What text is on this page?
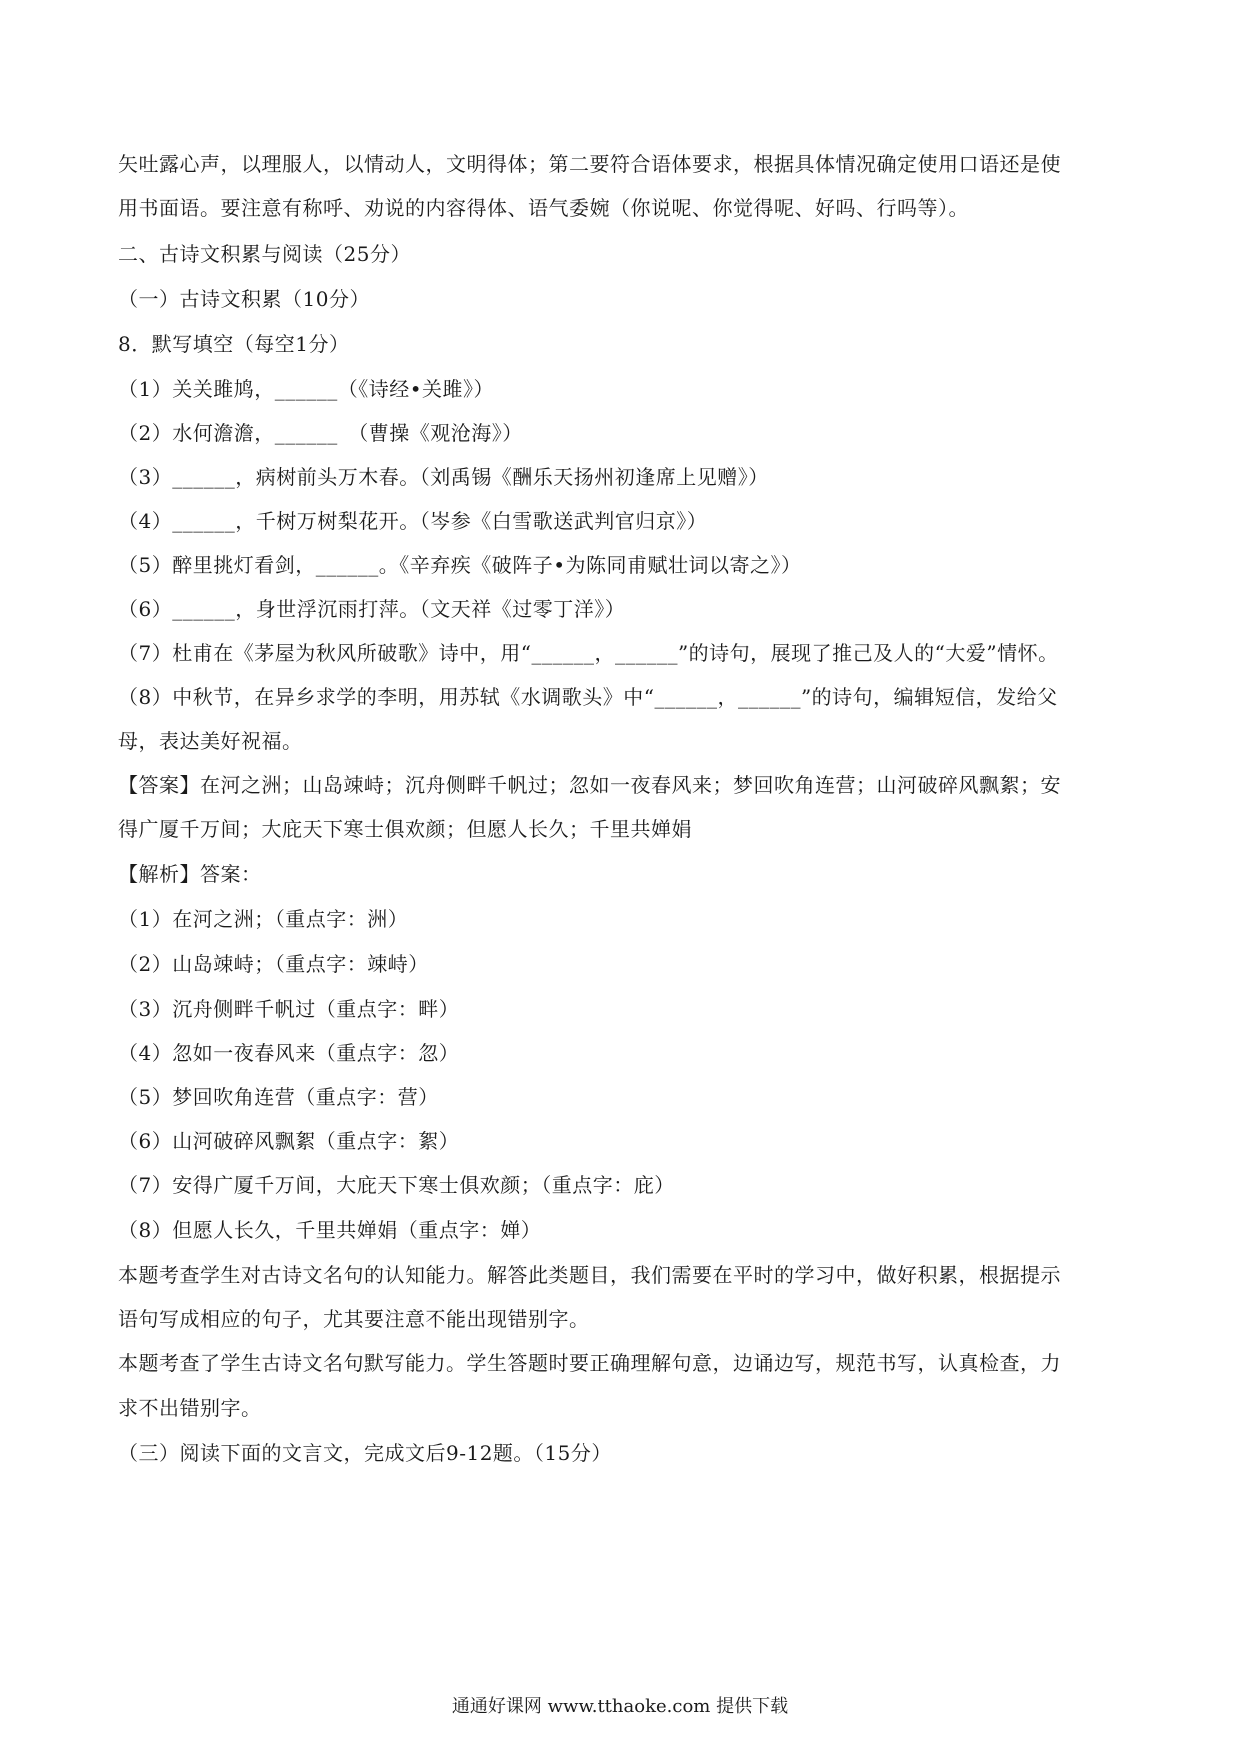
矢吐露心声，以理服人，以情动人，文明得体；第二要符合语体要求，根据具体情况确定使用口语还是使
用书面语。要注意有称呼、劝说的内容得体、语气委婉（你说呢、你觉得呢、好吗、行吗等）。
二、古诗文积累与阅读（25分）
（一）古诗文积累（10分）
8．默写填空（每空1分）
（1）关关雎鸠，______（《诗经•关雎》）
（2）水何澹澹，______　（曹操《观沧海》）
（3）______，病树前头万木春。（刘禹锡《酬乐天扬州初逢席上见赠》）
（4）______，千树万树梨花开。（岑参《白雪歌送武判官归京》）
（5）醉里挑灯看剑，______。《辛弃疾《破阵子•为陈同甫赋壮词以寄之》）
（6）______，身世浮沉雨打萍。（文天祥《过零丁洋》）
（7）杜甫在《茅屋为秋风所破歌》诗中，用“______，______”的诗句，展现了推己及人的“大爱”情怀。
（8）中秋节，在异乡求学的李明，用苏轼《水调歌头》中“______，______”的诗句，编辑短信，发给父
母，表达美好祝福。
【答案】在河之洲；山岛竦峙；沉舟侧畔千帆过；忽如一夜春风来；梦回吹角连营；山河破碎风飘絮；安
得广厦千万间；大庇天下寒士俱欢颜；但愿人长久；千里共婵娟
【解析】答案：
（1）在河之洲；（重点字：洲）
（2）山岛竦峙；（重点字：竦峙）
（3）沉舟侧畔千帆过（重点字：畔）
（4）忽如一夜春风来（重点字：忽）
（5）梦回吹角连营（重点字：营）
（6）山河破碎风飘絮（重点字：絮）
（7）安得广厦千万间，大庇天下寒士俱欢颜；（重点字：庇）
（8）但愿人长久，千里共婵娟（重点字：婵）
本题考查学生对古诗文名句的认知能力。解答此类题目，我们需要在平时的学习中，做好积累，根据提示
语句写成相应的句子，尤其要注意不能出现错别字。
本题考查了学生古诗文名句默写能力。学生答题时要正确理解句意，边诵边写，规范书写，认真检查，力
求不出错别字。
（三）阅读下面的文言文，完成文后9-12题。（15分）
通通好课网 www.tthaoke.com 提供下载
